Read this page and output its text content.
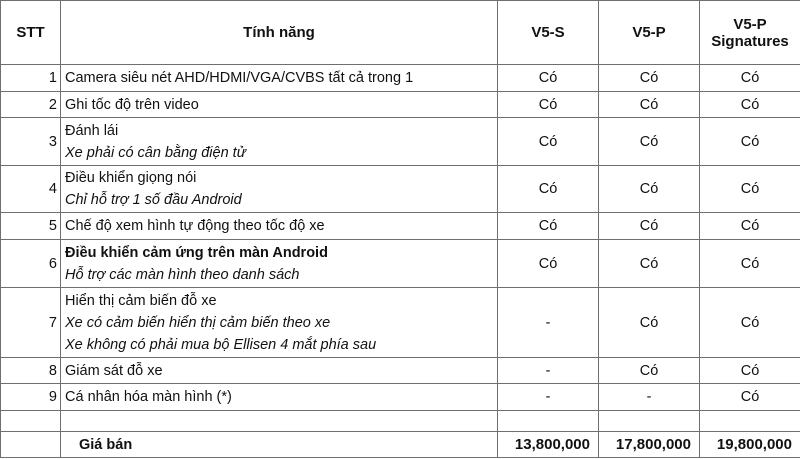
STT	Tính năng	V5-S	V5-P	V5-P
Signatures
1	Camera siêu nét AHD/HDMI/VGA/CVBS tất cả trong 1	Có	Có	Có
2	Ghi tốc độ trên video	Có	Có	Có
3	Đánh lái
Xe phải có cân bằng điện tử	Có	Có	Có
4	Điều khiển giọng nói
Chỉ hỗ trợ 1 số đầu Android	Có	Có	Có
5	Chế độ xem hình tự động theo tốc độ xe	Có	Có	Có
6	Điều khiển cảm ứng trên màn Android
Hỗ trợ các màn hình theo danh sách	Có	Có	Có
7	Hiển thị cảm biến đỗ xe
Xe có cảm biến hiển thị cảm biến theo xe
Xe không có phải mua bộ Ellisen 4 mắt phía sau	-	Có	Có
8	Giám sát đỗ xe	-	Có	Có
9	Cá nhân hóa màn hình (*)	-	-	Có

	Giá bán	13,800,000	17,800,000	19,800,000
